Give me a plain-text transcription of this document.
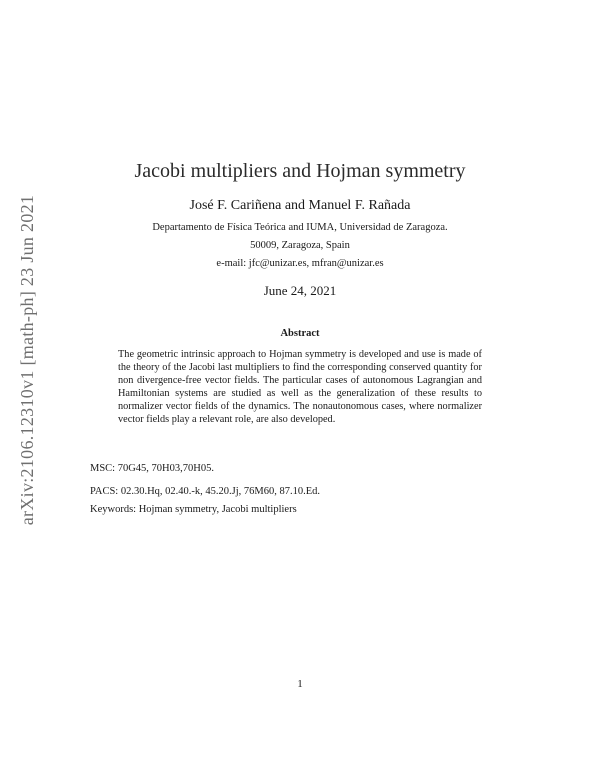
arXiv:2106.12310v1 [math-ph] 23 Jun 2021
Jacobi multipliers and Hojman symmetry
José F. Cariñena and Manuel F. Rañada
Departamento de Física Teórica and IUMA, Universidad de Zaragoza.
50009, Zaragoza, Spain
e-mail: jfc@unizar.es, mfran@unizar.es
June 24, 2021
Abstract
The geometric intrinsic approach to Hojman symmetry is developed and use is made of the theory of the Jacobi last multipliers to find the corresponding conserved quantity for non divergence-free vector fields. The particular cases of autonomous Lagrangian and Hamiltonian systems are studied as well as the generalization of these results to normalizer vector fields of the dynamics. The nonautonomous cases, where normalizer vector fields play a relevant role, are also developed.
MSC: 70G45, 70H03,70H05.
PACS: 02.30.Hq, 02.40.-k, 45.20.Jj, 76M60, 87.10.Ed.
Keywords: Hojman symmetry, Jacobi multipliers
1
